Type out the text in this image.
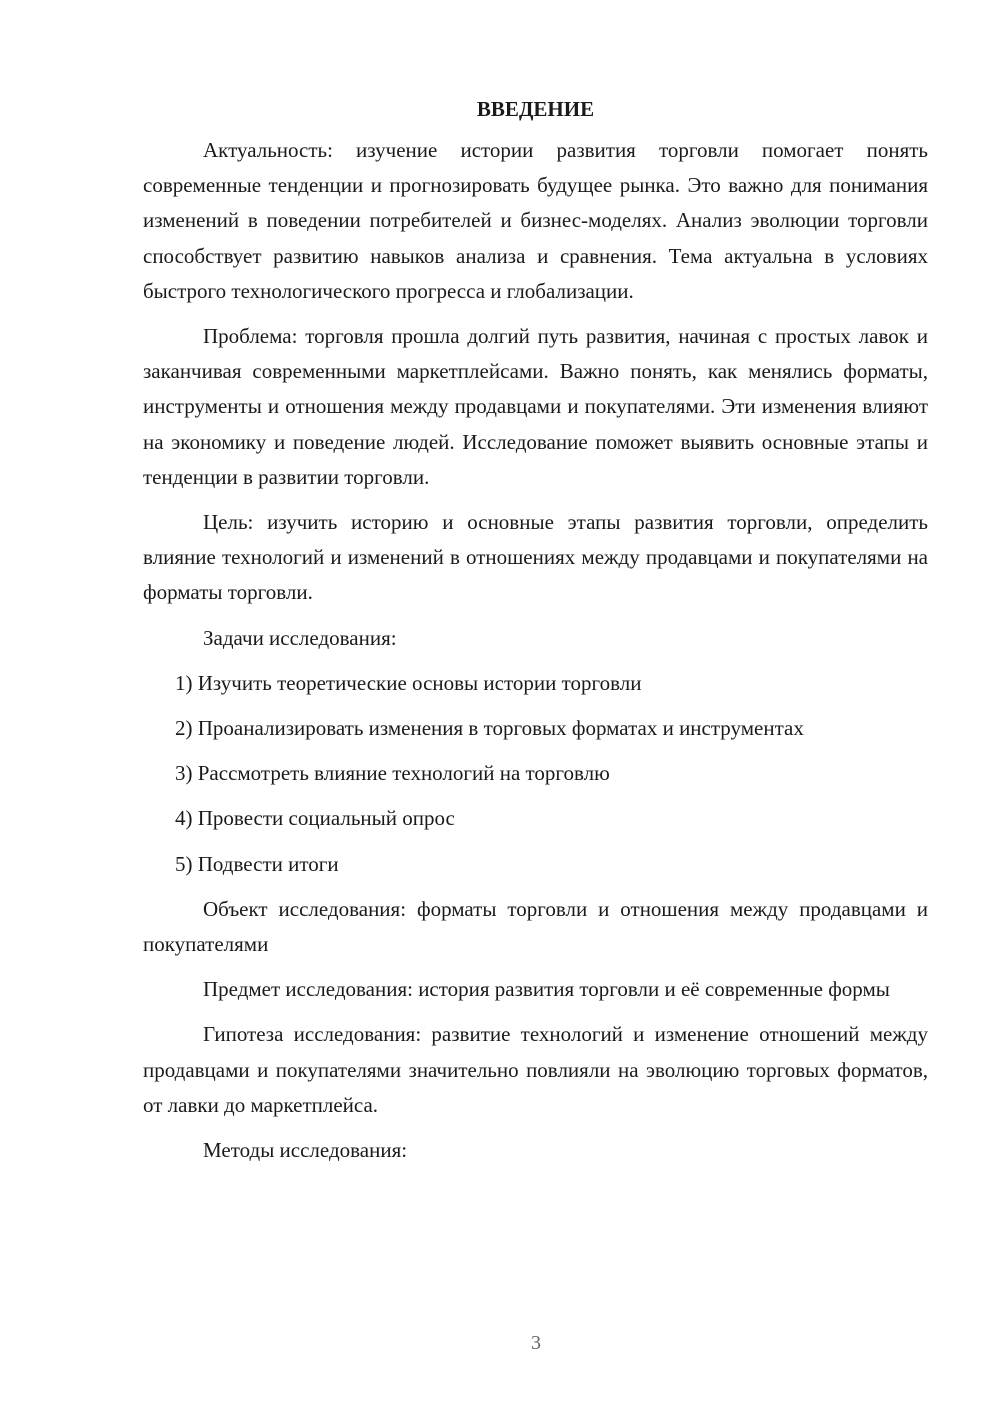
ВВЕДЕНИЕ

Актуальность: изучение истории развития торговли помогает понять современные тенденции и прогнозировать будущее рынка. Это важно для понимания изменений в поведении потребителей и бизнес-моделях. Анализ эволюции торговли способствует развитию навыков анализа и сравнения. Тема актуальна в условиях быстрого технологического прогресса и глобализации.

Проблема: торговля прошла долгий путь развития, начиная с простых лавок и заканчивая современными маркетплейсами. Важно понять, как менялись форматы, инструменты и отношения между продавцами и покупателями. Эти изменения влияют на экономику и поведение людей. Исследование поможет выявить основные этапы и тенденции в развитии торговли.

Цель: изучить историю и основные этапы развития торговли, определить влияние технологий и изменений в отношениях между продавцами и покупателями на форматы торговли.

Задачи исследования:

1) Изучить теоретические основы истории торговли
2) Проанализировать изменения в торговых форматах и инструментах
3) Рассмотреть влияние технологий на торговлю
4) Провести социальный опрос
5) Подвести итоги

Объект исследования: форматы торговли и отношения между продавцами и покупателями

Предмет исследования: история развития торговли и её современные формы

Гипотеза исследования: развитие технологий и изменение отношений между продавцами и покупателями значительно повлияли на эволюцию торговых форматов, от лавки до маркетплейса.

Методы исследования:

3
